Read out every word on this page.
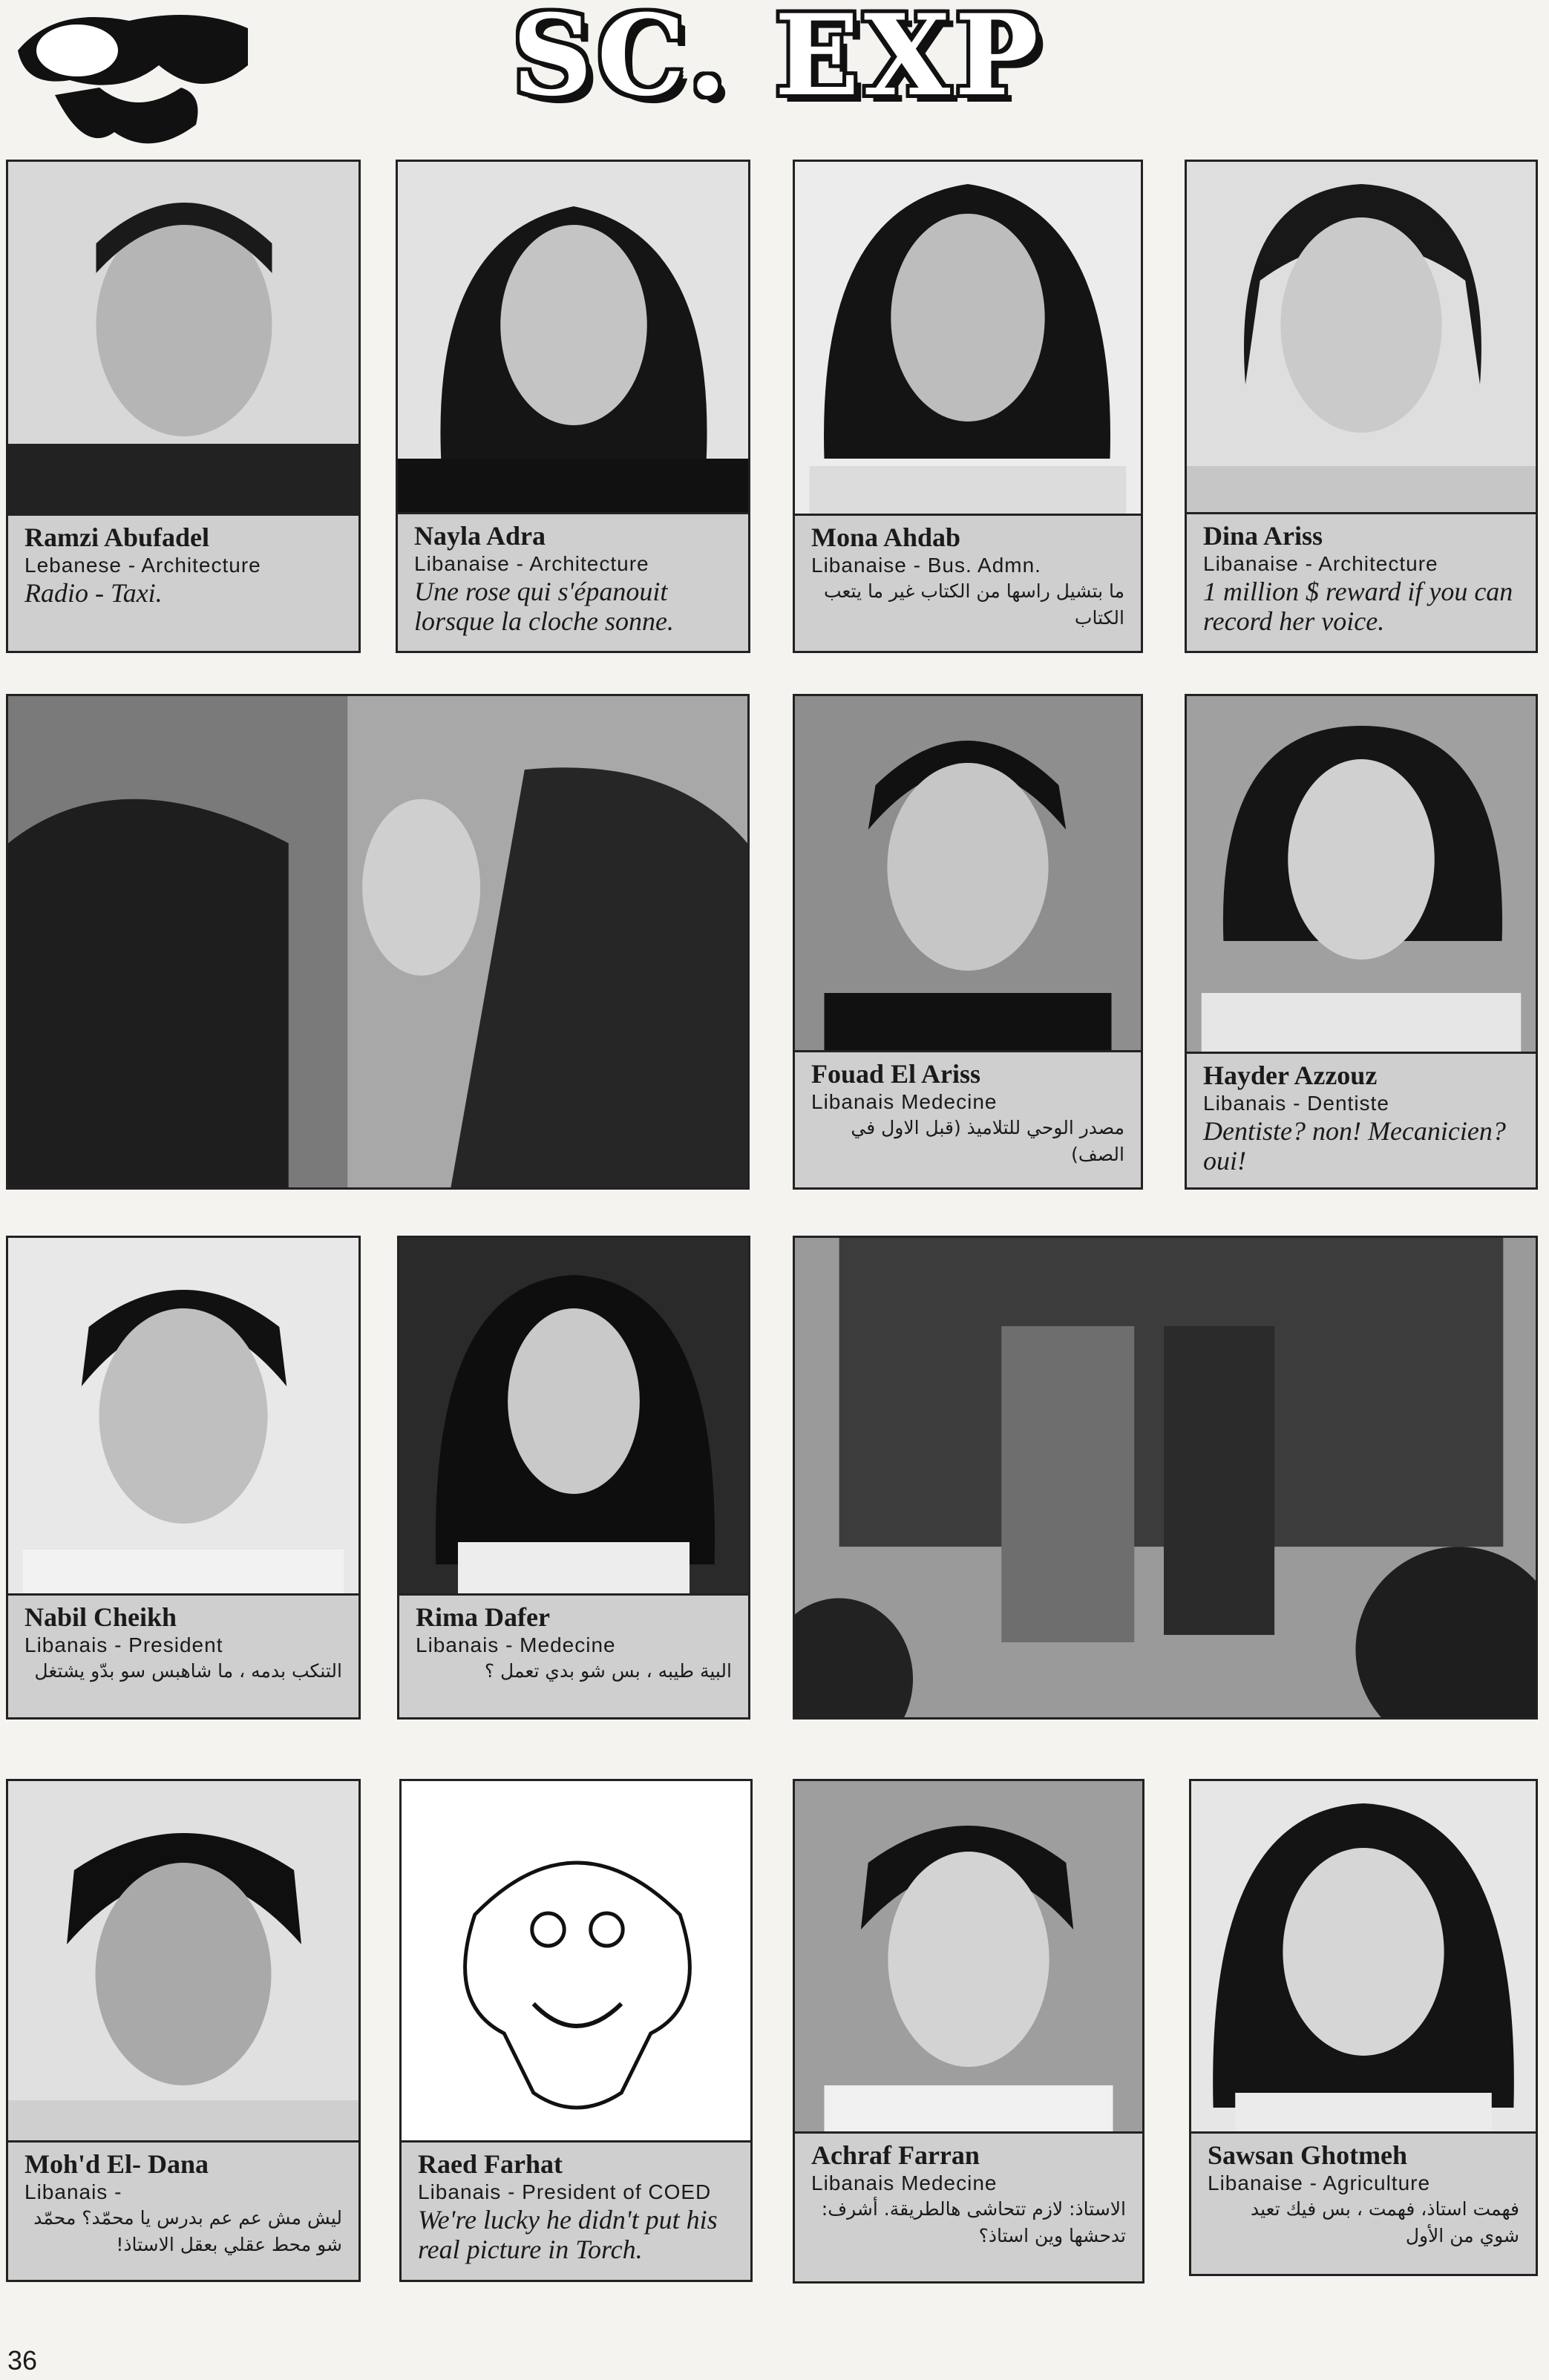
SC. EXP
Ramzi Abufadel
Lebanese - Architecture
Radio - Taxi.
Nayla Adra
Libanaise - Architecture
Une rose qui s'épanouit lorsque la cloche sonne.
Mona Ahdab
Libanaise - Bus. Admn.
ما بتشيل راسها من الكتاب غير ما يتعب الكتاب
Dina Ariss
Libanaise - Architecture
1 million $ reward if you can record her voice.
Fouad El Ariss
Libanais Medecine
مصدر الوحي للتلاميذ (قبل الاول في الصف)
Hayder Azzouz
Libanais - Dentiste
Dentiste? non! Mecanicien? oui!
Nabil Cheikh
Libanais - President
التنكب بدمه ، ما شاهبس سو بدّو يشتغل
Rima Dafer
Libanais - Medecine
البية طيبه ، بس شو بدي تعمل ؟
Moh'd El- Dana
Libanais -
ليش مش عم عم بدرس يا محمّد؟ محمّد شو محط عقلي بعقل الاستاذ!
Raed Farhat
Libanais - President of COED
We're lucky he didn't put his real picture in Torch.
Achraf Farran
Libanais Medecine
الاستاذ: لازم تتحاشى هالطريقة. أشرف: تدحشها وين استاذ؟
Sawsan Ghotmeh
Libanaise - Agriculture
فهمت استاذ، فهمت ، بس فيك تعيد شوي من الأول
36
